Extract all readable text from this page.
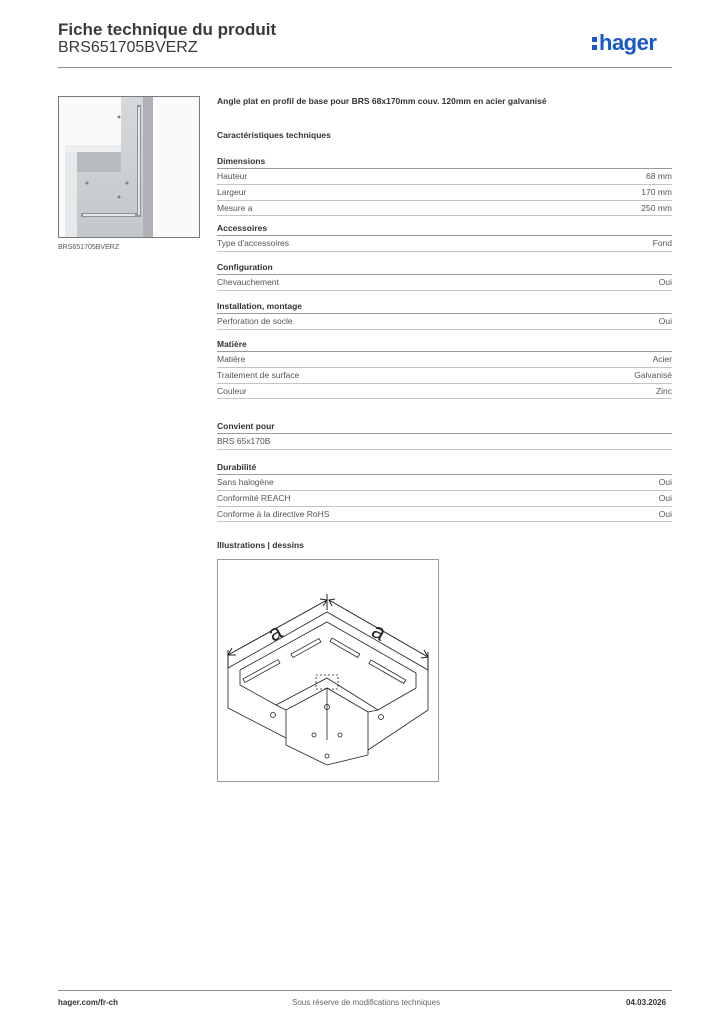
Fiche technique du produit
BRS651705BVERZ	hager
BRS651705BVERZ
Angle plat en profil de base pour BRS 68x170mm couv. 120mm en acier galvanisé
Caractéristiques techniques
Dimensions
Hauteur	68 mm
Largeur	170 mm
Mesure a	250 mm
Accessoires
Type d'accessoires	Fond
Configuration
Chevauchement	Oui
Installation, montage
Perforation de socle	Oui
Matière
Matière	Acier
Traitement de surface	Galvanisé
Couleur	Zinc
Convient pour
BRS 65x170B
Durabilité
Sans halogène	Oui
Conformité REACH	Oui
Conforme à la directive RoHS	Oui
Illustrations | dessins
a	a
hager.com/fr-ch	Sous réserve de modifications techniques	04.03.2026
